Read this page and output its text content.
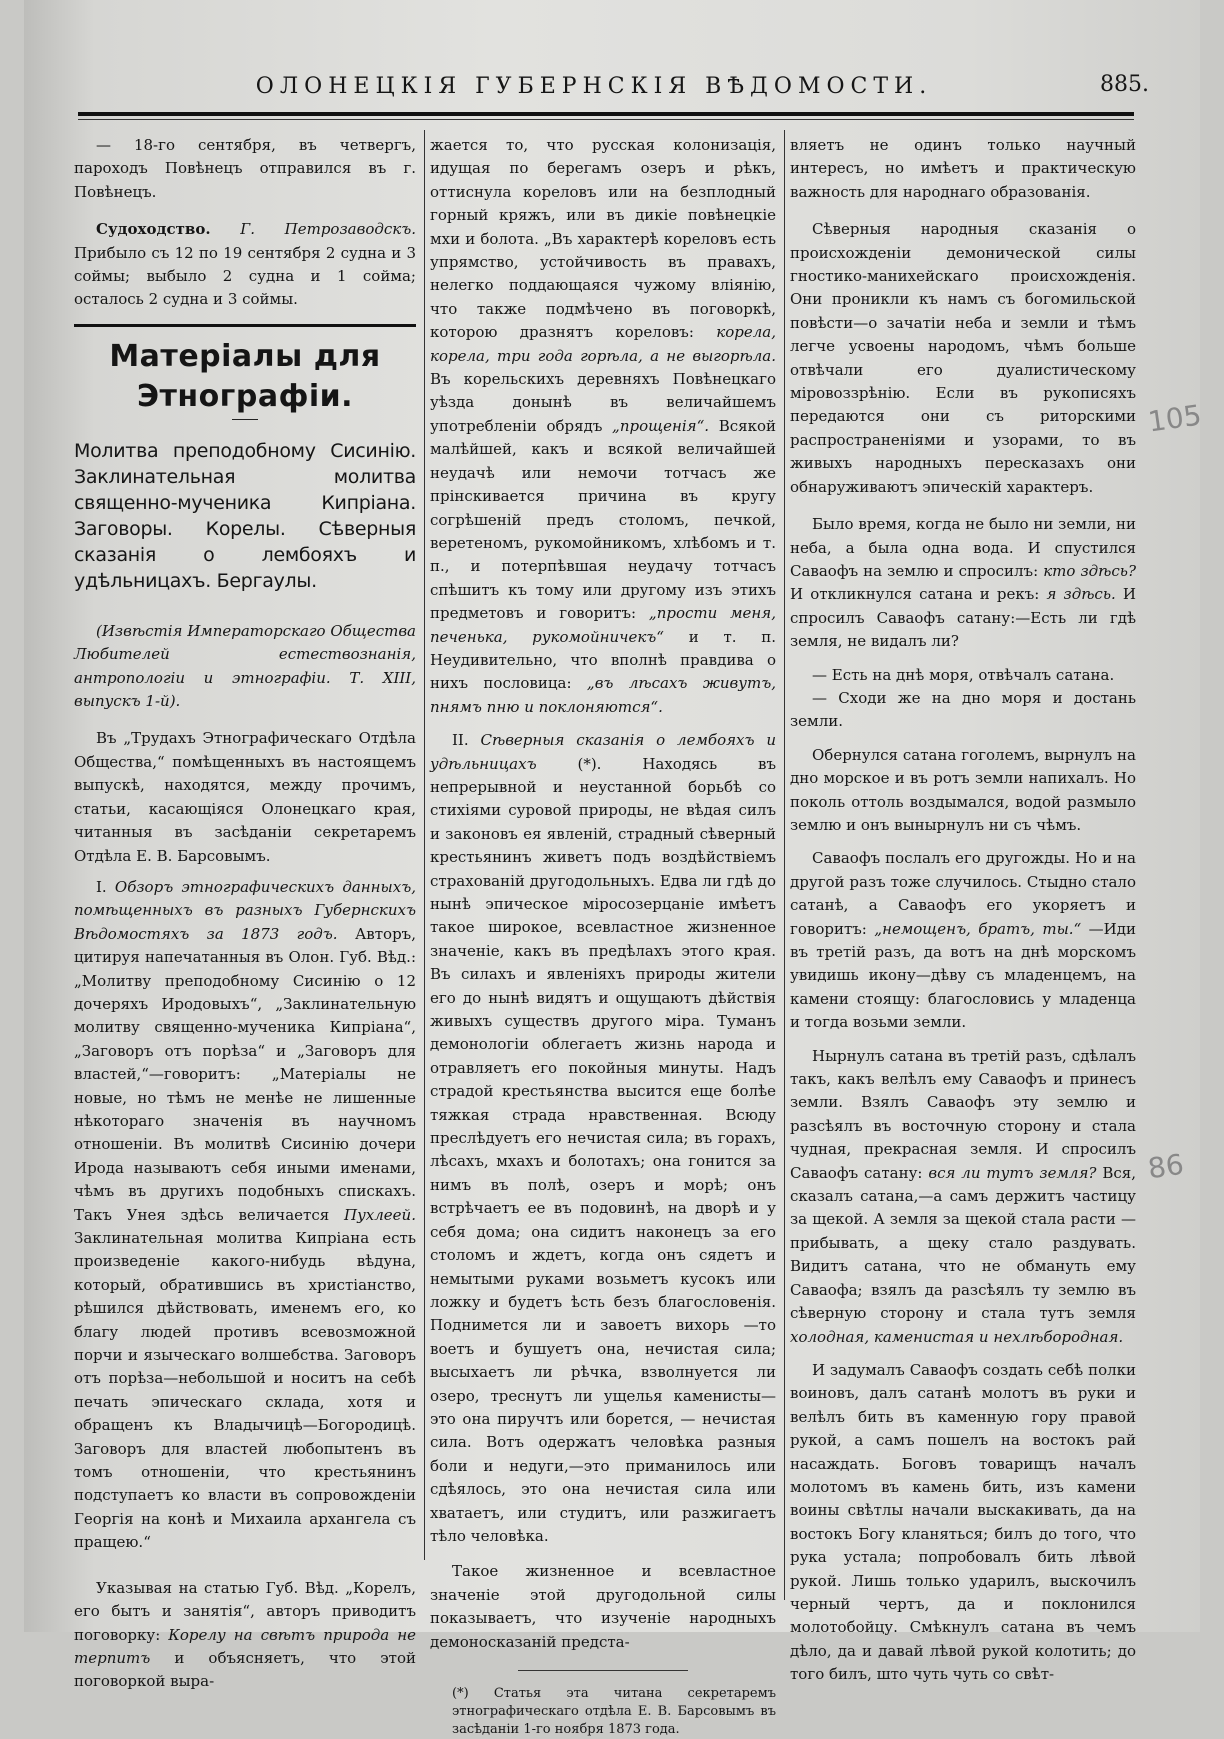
ОЛОНЕЦКІЯ ГУБЕРНСКІЯ ВѢДОМОСТИ.	885.

— 18-го сентября, въ четвергъ, пароходъ Повѣнецъ отправился въ г. Повѣнецъ.

Судоходство. Г. Петрозаводскъ. Прибыло съ 12 по 19 сентября 2 судна и 3 соймы; выбыло 2 судна и 1 сойма; осталось 2 судна и 3 соймы.

Матеріалы для Этнографіи.
Молитва преподобному Сисинію. Заклинательная молитва священно-мученика Кипріана. Заговоры. Корелы. Сѣверныя сказанія о лембояхъ и удѣльницахъ. Бергаулы.

(Извѣстія Императорскаго Общества Любителей естествознанія, антропологіи и этнографіи. Т. XIII, выпускъ 1-й).

Въ „Трудахъ Этнографическаго Отдѣла Общества,“ помѣщенныхъ въ настоящемъ выпускѣ, находятся, между прочимъ, статьи, касающіяся Олонецкаго края, читанныя въ засѣданіи секретаремъ Отдѣла Е. В. Барсовымъ.

I. Обзоръ этнографическихъ данныхъ, помѣщенныхъ въ разныхъ Губернскихъ Вѣдомостяхъ за 1873 годъ. Авторъ, цитируя напечатанныя въ Олон. Губ. Вѣд.: „Молитву преподобному Сисинію о 12 дочеряхъ Иродовыхъ“, „Заклинательную молитву священно-мученика Кипріана“, „Заговоръ отъ порѣза“ и „Заговоръ для властей,“—говоритъ: „Матеріалы не новые, но тѣмъ не менѣе не лишенные нѣкотораго значенія въ научномъ отношеніи. Въ молитвѣ Сисинію дочери Ирода называютъ себя иными именами, чѣмъ въ другихъ подобныхъ спискахъ. Такъ Унея здѣсь величается Пухлеей. Заклинательная молитва Кипріана есть произведеніе какого-нибудь вѣдуна, который, обратившись въ христіанство, рѣшился дѣйствовать, именемъ его, ко благу людей противъ всевозможной порчи и языческаго волшебства. Заговоръ отъ порѣза—небольшой и носитъ на себѣ печать эпическаго склада, хотя и обращенъ къ Владычицѣ—Богородицѣ. Заговоръ для властей любопытенъ въ томъ отношеніи, что крестьянинъ подступаетъ ко власти въ сопровожденіи Георгія на конѣ и Михаила архангела съ пращею.“

Указывая на статью Губ. Вѣд. „Корелъ, его бытъ и занятія“, авторъ приводитъ поговорку: Корелу на свѣтъ природа не терпитъ и объясняетъ, что этой поговоркой выра-

жается то, что русская колонизація, идущая по берегамъ озеръ и рѣкъ, оттиснула кореловъ или на безплодный горный кряжъ, или въ дикіе повѣнецкіе мхи и болота. „Въ характерѣ кореловъ есть упрямство, устойчивость въ правахъ, нелегко поддающаяся чужому вліянію, что также подмѣчено въ поговоркѣ, которою дразнятъ кореловъ: корела, корела, три года горѣла, а не выгорѣла. Въ корельскихъ деревняхъ Повѣнецкаго уѣзда донынѣ въ величайшемъ употребленіи обрядъ „прощенія“. Всякой малѣйшей, какъ и всякой величайшей неудачѣ или немочи тотчасъ же прінскивается причина въ кругу согрѣшеній предъ столомъ, печкой, веретеномъ, рукомойникомъ, хлѣбомъ и т. п., и потерпѣвшая неудачу тотчасъ спѣшитъ къ тому или другому изъ этихъ предметовъ и говоритъ: „прости меня, печенька, рукомойничекъ“ и т. п. Неудивительно, что вполнѣ правдива о нихъ пословица: „въ лѣсахъ живутъ, пнямъ пню и поклоняются“.

II. Сѣверныя сказанія о лембояхъ и удѣльницахъ	(*). Находясь въ непрерывной и неустанной борьбѣ со стихіями суровой природы, не вѣдая силъ и законовъ ея явленій, страдный сѣверный крестьянинъ живетъ подъ воздѣйствіемъ страхованій другодольныхъ. Едва ли гдѣ до нынѣ эпическое міросозерцаніе имѣетъ такое широкое, всевластное жизненное значеніе, какъ въ предѣлахъ этого края. Въ силахъ и явленіяхъ природы жители его до нынѣ видятъ и ощущаютъ дѣйствія живыхъ существъ другого міра. Туманъ демонологіи облегаетъ жизнь народа и отравляетъ его покойныя минуты. Надъ страдой крестьянства высится еще болѣе тяжкая страда нравственная. Всюду преслѣдуетъ его нечистая сила; въ горахъ, лѣсахъ, мхахъ и болотахъ; она гонится за нимъ въ полѣ, озеръ и морѣ; онъ встрѣчаетъ ее въ подовинѣ, на дворѣ и у себя дома; она сидитъ наконецъ за его столомъ и ждетъ, когда онъ сядетъ и немытыми руками возьметъ кусокъ или ложку и будетъ ѣсть безъ благословенія. Поднимется ли и завоетъ вихорь —то воетъ и бушуетъ она, нечистая сила; высыхаетъ ли рѣчка, взволнуется ли озеро, треснутъ ли ущелья каменисты—это она пиручтъ или борется, — нечистая сила. Вотъ одержатъ человѣка разныя боли и недуги,—это приманилось или сдѣялось, это она нечистая сила или хватаетъ, или студитъ, или разжигаетъ тѣло человѣка.

Такое жизненное и всевластное значеніе этой другодольной силы показываетъ, что изученіе народныхъ демоносказаній предста-

(*) Статья эта читана секретаремъ этнографическаго отдѣла Е. В. Барсовымъ въ засѣданіи 1-го ноября 1873 года.

вляетъ не одинъ только научный интересъ, но имѣетъ и практическую важность для народнаго образованія.

Сѣверныя народныя сказанія о происхожденіи демонической силы гностико-манихейскаго происхожденія. Они проникли къ намъ съ богомильской повѣсти—о зачатіи неба и земли и тѣмъ легче усвоены народомъ, чѣмъ больше отвѣчали его дуалистическому міровоззрѣнію. Если въ рукописяхъ передаются они съ риторскими распространеніями и узорами, то въ живыхъ народныхъ пересказахъ они обнаруживаютъ эпическій характеръ.

Было время, когда не было ни земли, ни неба, а была одна вода. И спустился Саваофъ на землю и спросилъ: кто здѣсь? И откликнулся сатана и рекъ: я здѣсь. И спросилъ Саваофъ сатану:—Есть ли гдѣ земля, не видалъ ли?

— Есть на днѣ моря, отвѣчалъ сатана.

— Сходи же на дно моря и достань земли.

Обернулся сатана гоголемъ, вырнулъ на дно морское и въ ротъ земли напихалъ. Но поколь оттоль воздымался, водой размыло землю и онъ вынырнулъ ни съ чѣмъ.

Саваофъ послалъ его другожды. Но и на другой разъ тоже случилось. Стыдно стало сатанѣ, а Саваофъ его укоряетъ и говоритъ: „немощенъ, братъ, ты.“ —Иди въ третій разъ, да вотъ на днѣ морскомъ увидишь икону—дѣву съ младенцемъ, на камени стоящу: благословись у младенца и тогда возьми земли.

Нырнулъ сатана въ третій разъ, сдѣлалъ такъ, какъ велѣлъ ему Саваофъ и принесъ земли. Взялъ Саваофъ эту землю и разсѣялъ въ восточную сторону и стала чудная, прекрасная земля. И спросилъ Саваофъ сатану: вся ли тутъ земля? Вся, сказалъ сатана,—а самъ держитъ частицу за щекой. А земля за щекой стала расти — прибывать, а щеку стало раздувать. Видитъ сатана, что не обмануть ему Саваофа; взялъ да разсѣялъ ту землю въ сѣверную сторону и стала тутъ земля холодная, каменистая и нехлѣбородная.

И задумалъ Саваофъ создать себѣ полки воиновъ, далъ сатанѣ молотъ въ руки и велѣлъ бить въ каменную гору правой рукой, а самъ пошелъ на востокъ рай насаждать. Боговъ товарищъ началъ молотомъ въ камень бить, изъ камени воины свѣтлы начали выскакивать, да на востокъ Богу кланяться; билъ до того, что рука устала; попробовалъ бить лѣвой рукой. Лишь только ударилъ, выскочилъ черный чертъ, да и поклонился молотобойцу. Смѣкнулъ сатана въ чемъ дѣло, да и давай лѣвой рукой колотить; до того билъ, што чуть чуть со свѣт-

105
86
